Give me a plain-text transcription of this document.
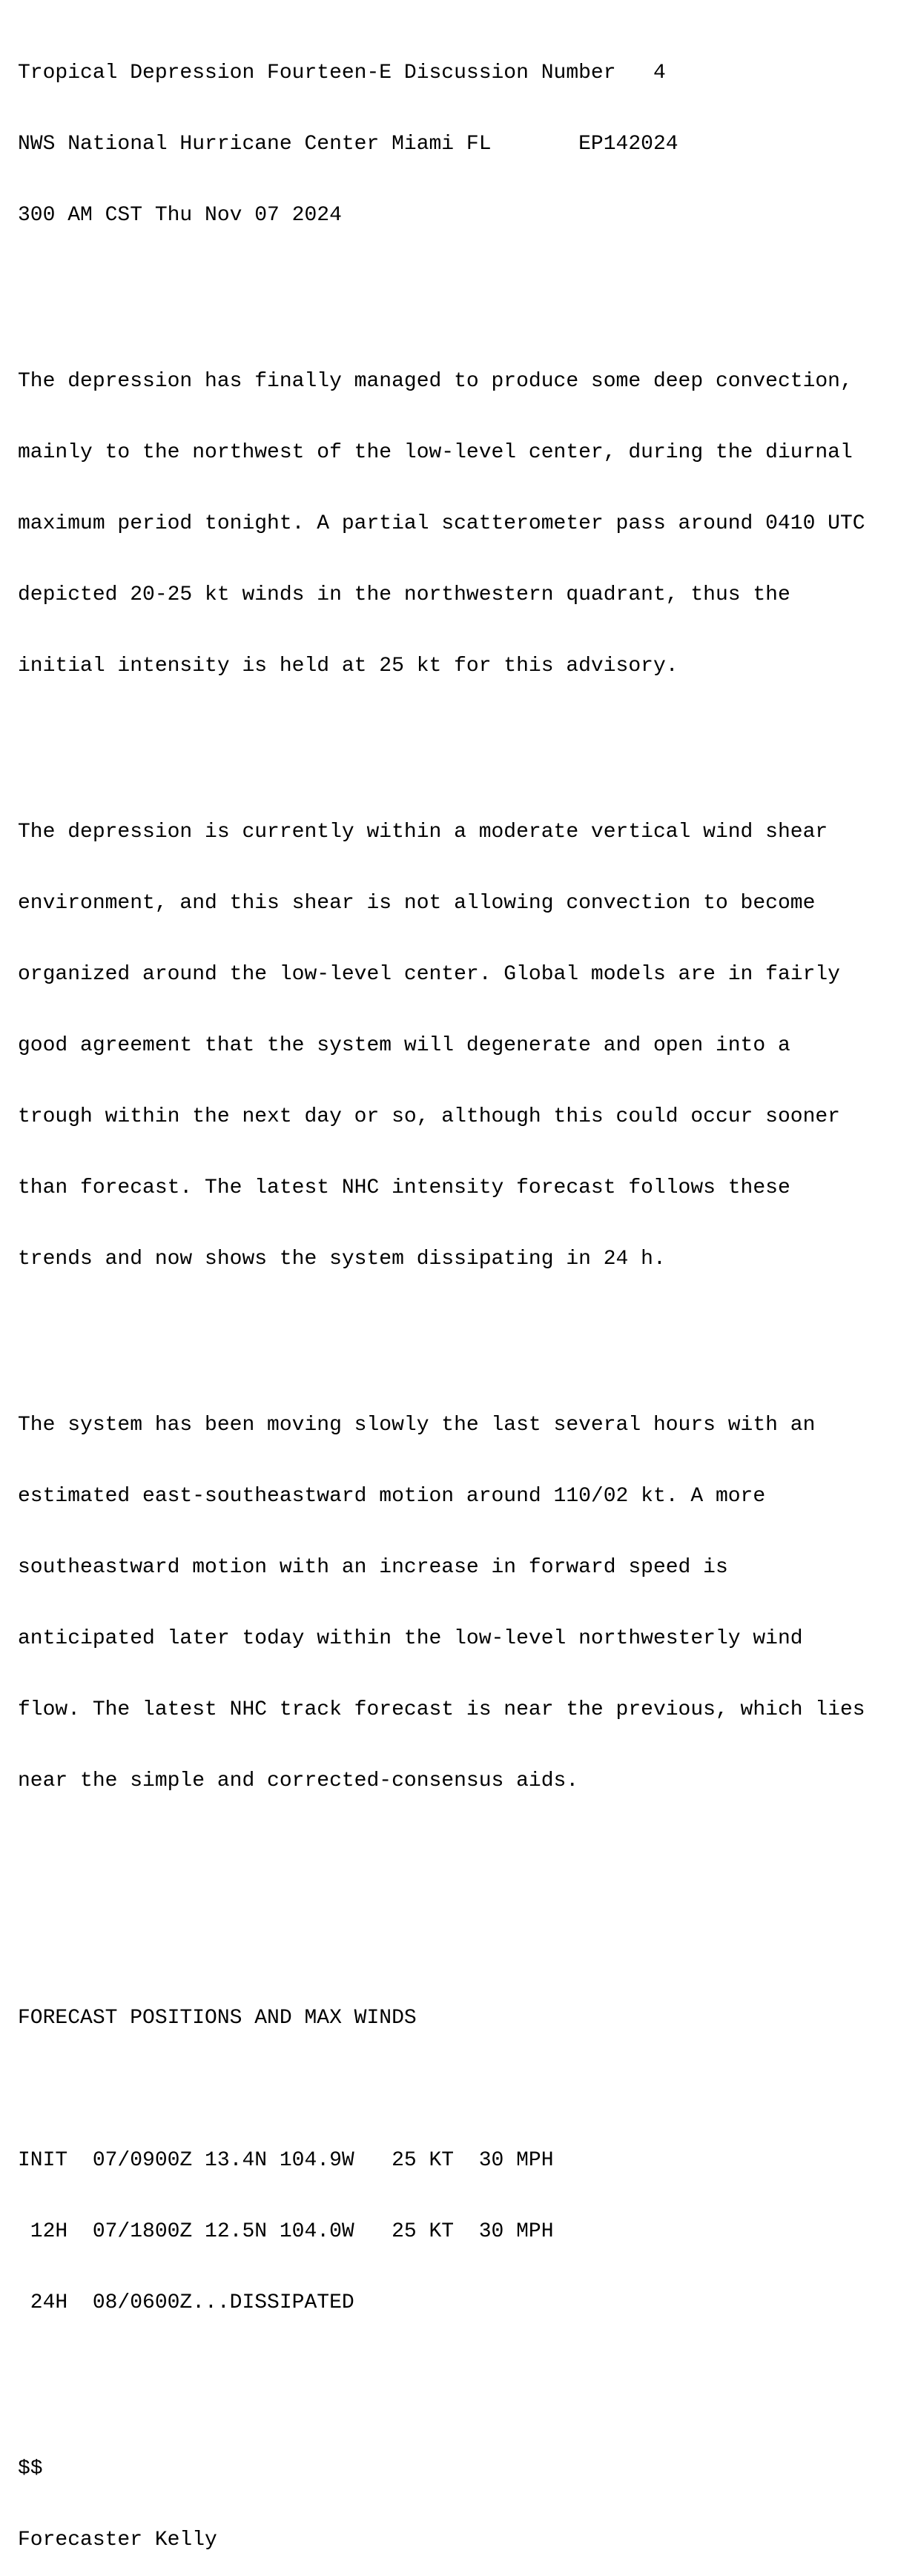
Tropical Depression Fourteen-E Discussion Number   4

NWS National Hurricane Center Miami FL       EP142024

300 AM CST Thu Nov 07 2024

The depression has finally managed to produce some deep convection,

mainly to the northwest of the low-level center, during the diurnal

maximum period tonight. A partial scatterometer pass around 0410 UTC

depicted 20-25 kt winds in the northwestern quadrant, thus the

initial intensity is held at 25 kt for this advisory.

The depression is currently within a moderate vertical wind shear

environment, and this shear is not allowing convection to become

organized around the low-level center. Global models are in fairly

good agreement that the system will degenerate and open into a

trough within the next day or so, although this could occur sooner

than forecast. The latest NHC intensity forecast follows these

trends and now shows the system dissipating in 24 h.

The system has been moving slowly the last several hours with an

estimated east-southeastward motion around 110/02 kt. A more

southeastward motion with an increase in forward speed is

anticipated later today within the low-level northwesterly wind

flow. The latest NHC track forecast is near the previous, which lies

near the simple and corrected-consensus aids.

FORECAST POSITIONS AND MAX WINDS

INIT  07/0900Z 13.4N 104.9W   25 KT  30 MPH

12H  07/1800Z 12.5N 104.0W   25 KT  30 MPH

24H  08/0600Z...DISSIPATED

$$

Forecaster Kelly
